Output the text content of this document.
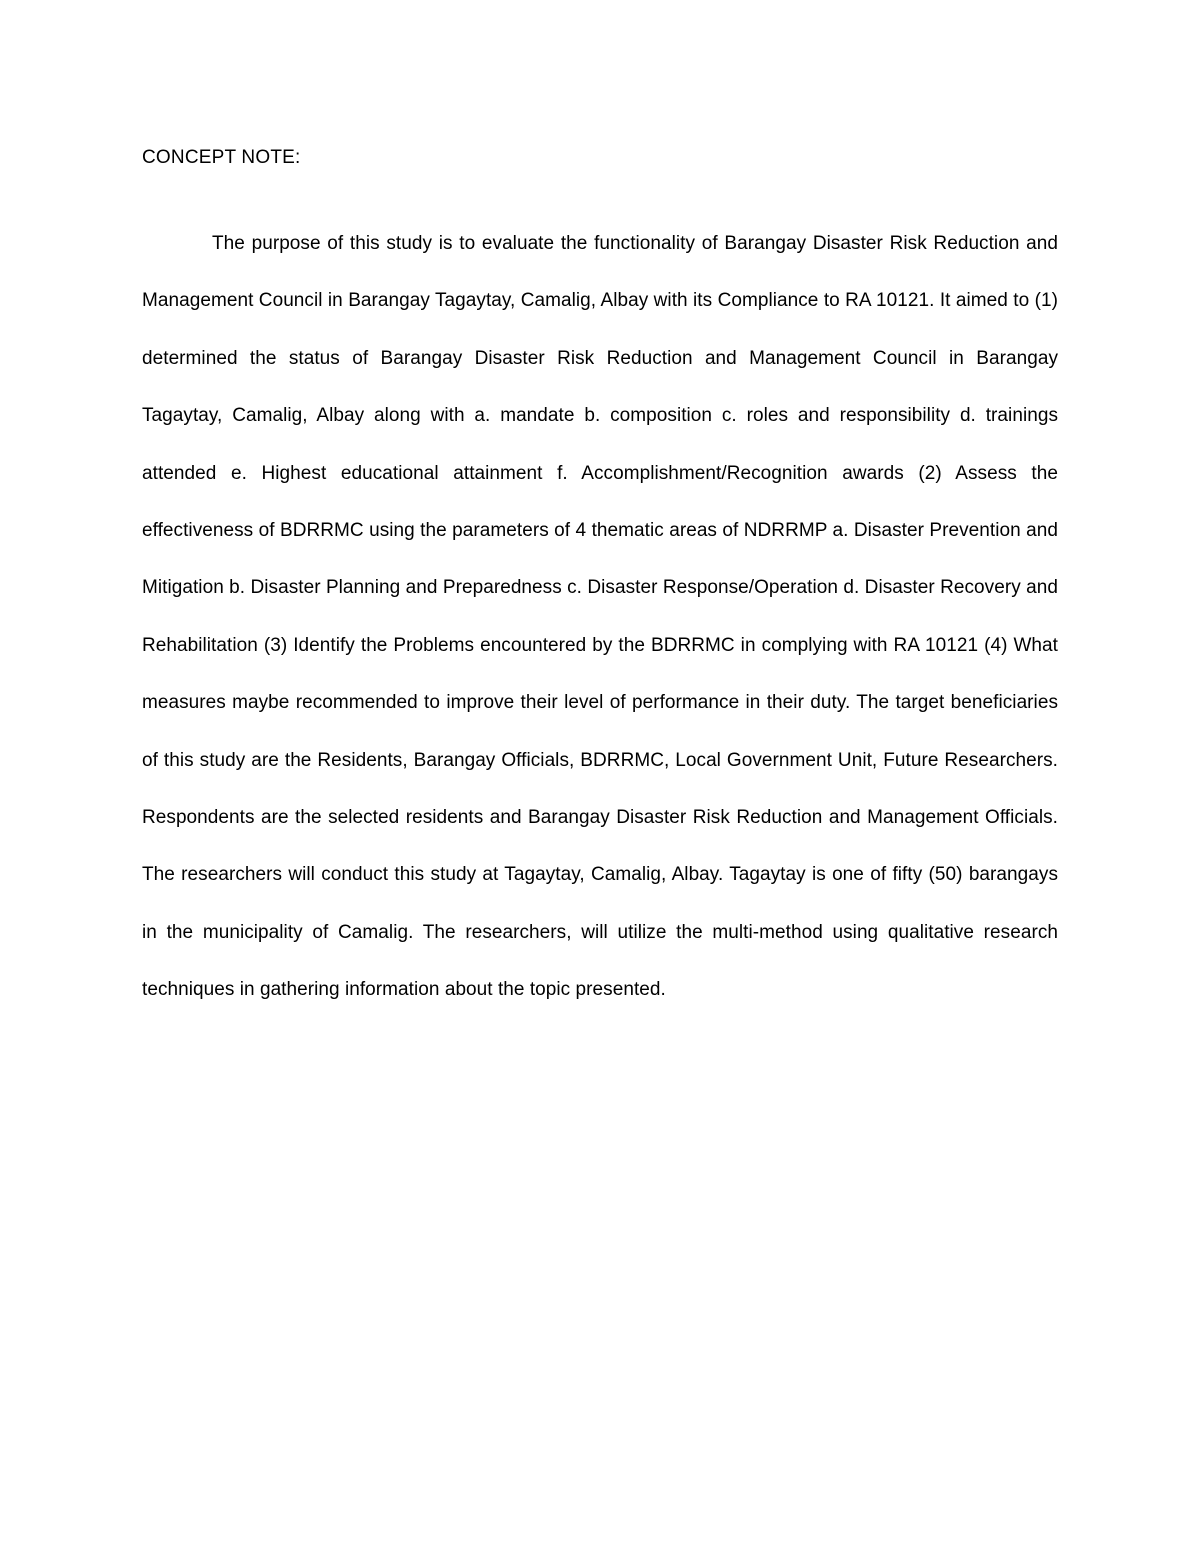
CONCEPT NOTE:

The purpose of this study is to evaluate the functionality of Barangay Disaster Risk Reduction and Management Council in Barangay Tagaytay, Camalig, Albay with its Compliance to RA 10121. It aimed to (1) determined the status of Barangay Disaster Risk Reduction and Management Council in Barangay Tagaytay, Camalig, Albay along with a. mandate b. composition c. roles and responsibility d. trainings attended e. Highest educational attainment f. Accomplishment/Recognition awards (2) Assess the effectiveness of BDRRMC using the parameters of 4 thematic areas of NDRRMP a. Disaster Prevention and Mitigation b. Disaster Planning and Preparedness c. Disaster Response/Operation d. Disaster Recovery and Rehabilitation (3) Identify the Problems encountered by the BDRRMC in complying with RA 10121 (4) What measures maybe recommended to improve their level of performance in their duty. The target beneficiaries of this study are the Residents, Barangay Officials, BDRRMC, Local Government Unit, Future Researchers. Respondents are the selected residents and Barangay Disaster Risk Reduction and Management Officials. The researchers will conduct this study at Tagaytay, Camalig, Albay. Tagaytay is one of fifty (50) barangays in the municipality of Camalig. The researchers, will utilize the multi-method using qualitative research techniques in gathering information about the topic presented.
